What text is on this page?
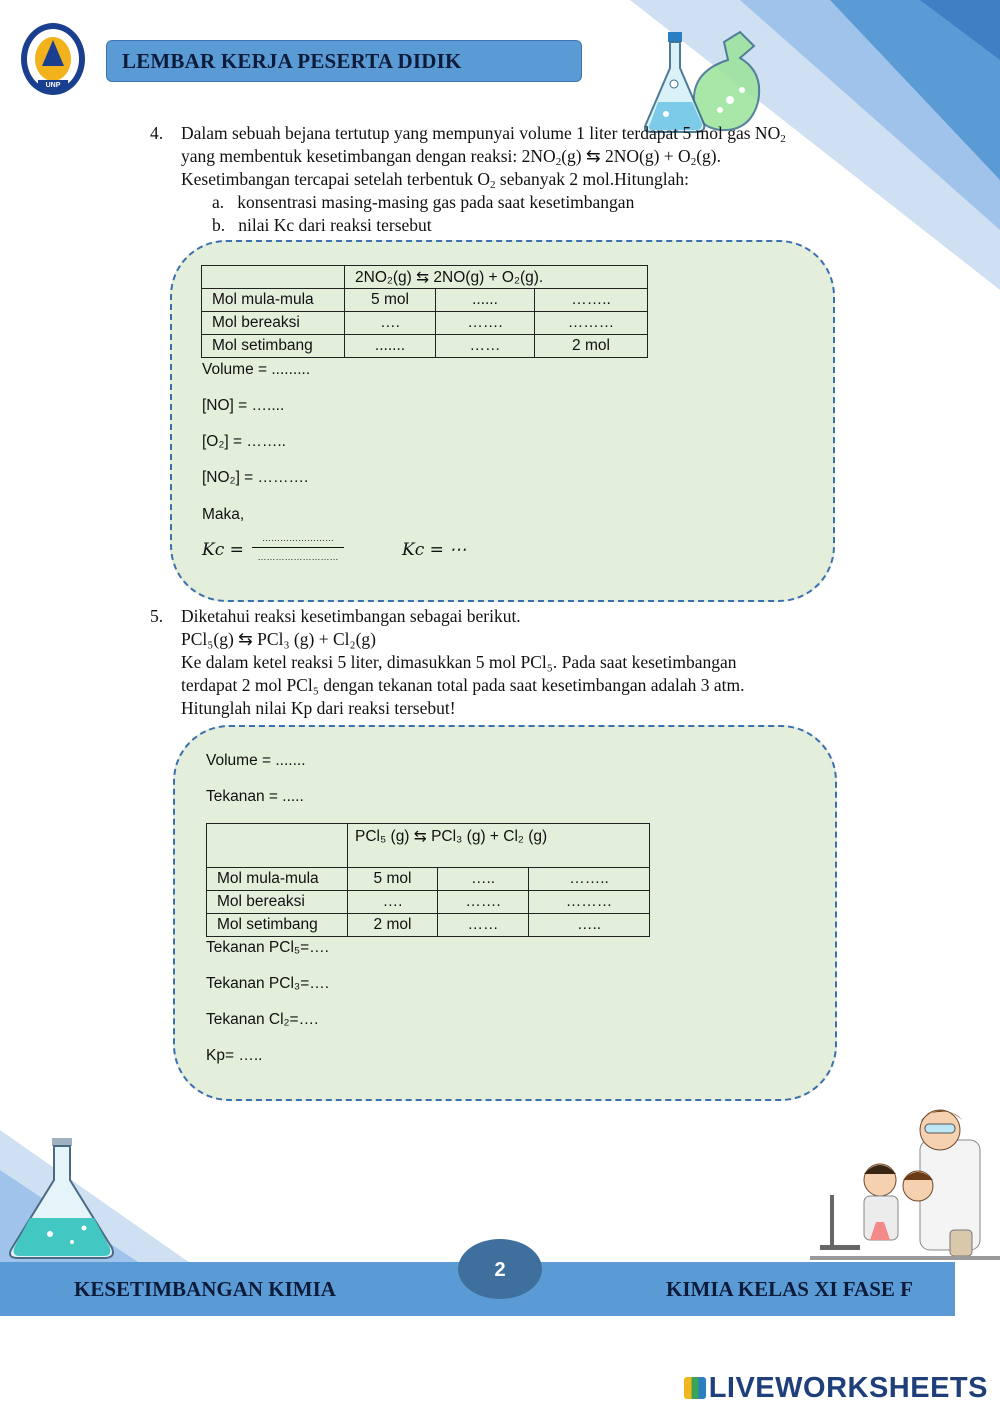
UNP
LEMBAR KERJA PESERTA DIDIK
4. Dalam sebuah bejana tertutup yang mempunyai volume 1 liter terdapat 5 mol gas $NO_2$
yang membentuk kesetimbangan dengan reaksi: $2NO_2(g)$ ⇆ $2NO(g) + O_2(g)$.
Kesetimbangan tercapai setelah terbentuk $O_2$ sebanyak 2 mol.Hitunglah:
a. konsentrasi masing-masing gas pada saat kesetimbangan
b. nilai Kc dari reaksi tersebut
	2NO₂(g) ⇆ 2NO(g) + O₂(g).		
Mol mula-mula	5 mol	......	……..
Mol bereaksi	….	…….	………
Mol setimbang	.......	……	2 mol
Volume = .........
[NO] = …....
[O₂] = ……..
[NO₂] = ……….
Maka,
Kc =
……………………
………………………	Kc = ⋯
5. Diketahui reaksi kesetimbangan sebagai berikut.
PCl₅(g) ⇆ PCl₃ (g) + Cl₂(g)
Ke dalam ketel reaksi 5 liter, dimasukkan 5 mol PCl₅. Pada saat kesetimbangan
terdapat 2 mol PCl₅ dengan tekanan total pada saat kesetimbangan adalah 3 atm.
Hitunglah nilai Kp dari reaksi tersebut!
Volume = .......
Tekanan = .....
	PCl₅ (g) ⇆ PCl₃ (g) + Cl₂ (g)		
Mol mula-mula	5 mol	…..	……..
Mol bereaksi	….	…….	………
Mol setimbang	2 mol	……	…..
Tekanan PCl₅=….
Tekanan PCl₃=….
Tekanan Cl₂=….
Kp= …..
KESETIMBANGAN KIMIA	KIMIA KELAS XI FASE F
2
LIVEWORKSHEETS
